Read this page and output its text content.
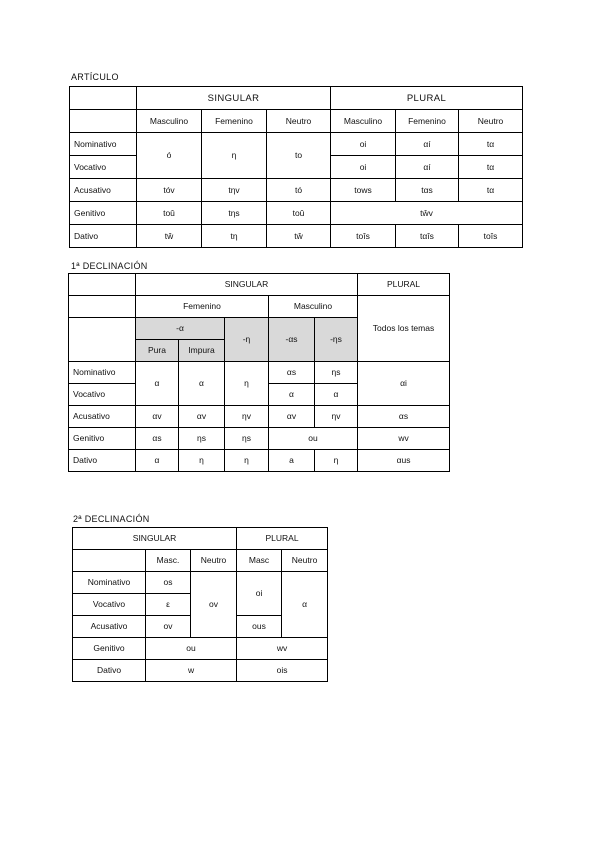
ARTÍCULO
	SINGULAR			PLURAL		
	Masculino	Femenino	Neutro	Masculino	Femenino	Neutro
Nominativo	ó	η	to	oi	αí	tα
Vocativo				oi	αí	tα
Acusativo	tóv	tηv	tó	tows	tαs	tα
Genitivo	toû	tηs	toû	tŵv		
Dativo	tŵ	tη	tŵ	toîs	tαîs	toîs
1ª DECLINACIÓN
	SINGULAR					PLURAL
	Femenino			Masculino		Todos los temas
	-α		-η	-αs	-ηs	
	Pura	Impura				
Nominativo	α	α	η	αs	ηs	αi
Vocativo				α	α	
Acusativo	αv	αv	ηv	αv	ηv	αs
Genitivo	αs	ηs	ηs	ou		wv
Dativo	α	η	η	a	η	αus
2ª DECLINACIÓN
SINGULAR			PLURAL	
	Masc.	Neutro	Masc	Neutro
Nominativo	os	ov	oi	α
Vocativo	ε			
Acusativo	ov		ous	
Genitivo	ou		wv	
Dativo	w		ois	
